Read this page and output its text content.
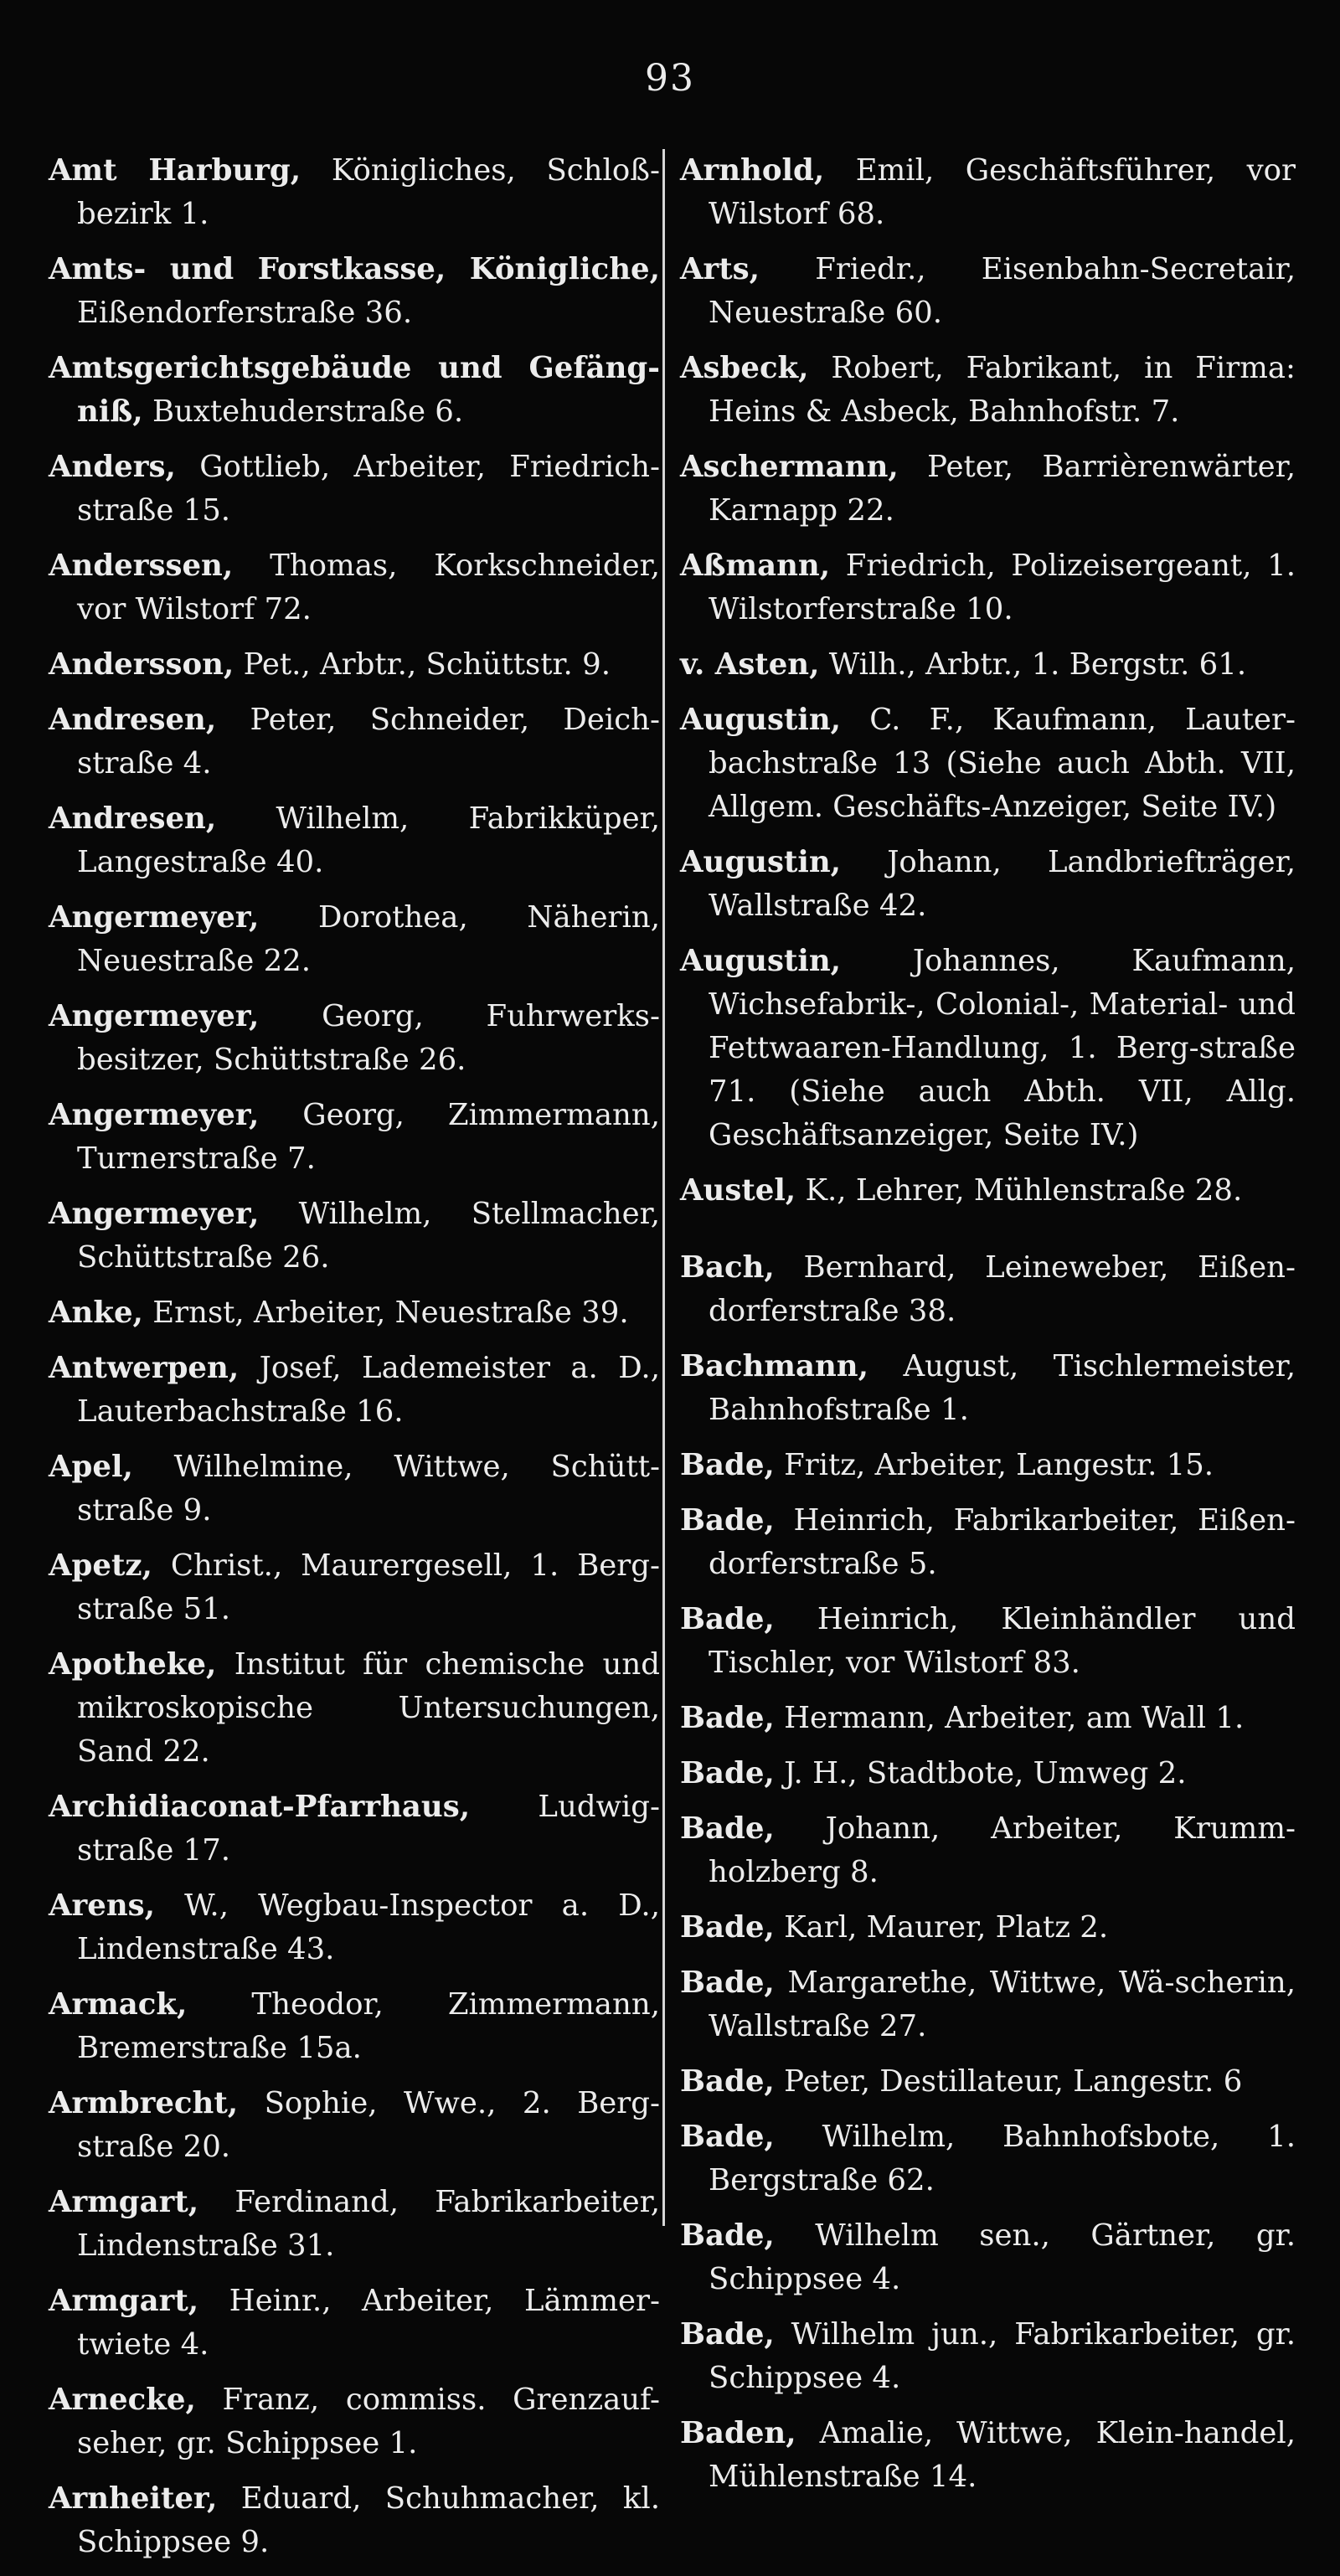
93
Amt Harburg, Königliches, Schloß-bezirk 1.
Amts- und Forstkasse, Königliche, Eißendorferstraße 36.
Amtsgerichtsgebäude und Gefäng-niß, Buxtehuderstraße 6.
Anders, Gottlieb, Arbeiter, Friedrich-straße 15.
Anderssen, Thomas, Korkschneider, vor Wilstorf 72.
Andersson, Pet., Arbtr., Schüttstr. 9.
Andresen, Peter, Schneider, Deich-straße 4.
Andresen, Wilhelm, Fabrikküper, Langestraße 40.
Angermeyer, Dorothea, Näherin, Neuestraße 22.
Angermeyer, Georg, Fuhrwerks-besitzer, Schüttstraße 26.
Angermeyer, Georg, Zimmermann, Turnerstraße 7.
Angermeyer, Wilhelm, Stellmacher, Schüttstraße 26.
Anke, Ernst, Arbeiter, Neuestraße 39.
Antwerpen, Josef, Lademeister a. D., Lauterbachstraße 16.
Apel, Wilhelmine, Wittwe, Schütt-straße 9.
Apetz, Christ., Maurergesell, 1. Berg-straße 51.
Apotheke, Institut für chemische und mikroskopische Untersuchungen, Sand 22.
Archidiaconat-Pfarrhaus, Ludwig-straße 17.
Arens, W., Wegbau-Inspector a. D., Lindenstraße 43.
Armack, Theodor, Zimmermann, Bremerstraße 15a.
Armbrecht, Sophie, Wwe., 2. Berg-straße 20.
Armgart, Ferdinand, Fabrikarbeiter, Lindenstraße 31.
Armgart, Heinr., Arbeiter, Lämmer-twiete 4.
Arnecke, Franz, commiss. Grenzauf-seher, gr. Schippsee 1.
Arnheiter, Eduard, Schuhmacher, kl. Schippsee 9.
Arnhold, Emil, Geschäftsführer, vor Wilstorf 68.
Arts, Friedr., Eisenbahn-Secretair, Neuestraße 60.
Asbeck, Robert, Fabrikant, in Firma: Heins & Asbeck, Bahnhofstr. 7.
Aschermann, Peter, Barrièrenwärter, Karnapp 22.
Aßmann, Friedrich, Polizeisergeant, 1. Wilstorferstraße 10.
v. Asten, Wilh., Arbtr., 1. Bergstr. 61.
Augustin, C. F., Kaufmann, Lauter-bachstraße 13 (Siehe auch Abth. VII, Allgem. Geschäfts-Anzeiger, Seite IV.)
Augustin, Johann, Landbriefträger, Wallstraße 42.
Augustin, Johannes, Kaufmann, Wichsefabrik-, Colonial-, Material- und Fettwaaren-Handlung, 1. Berg-straße 71. (Siehe auch Abth. VII, Allg. Geschäftsanzeiger, Seite IV.)
Austel, K., Lehrer, Mühlenstraße 28.
Bach, Bernhard, Leineweber, Eißen-dorferstraße 38.
Bachmann, August, Tischlermeister, Bahnhofstraße 1.
Bade, Fritz, Arbeiter, Langestr. 15.
Bade, Heinrich, Fabrikarbeiter, Eißen-dorferstraße 5.
Bade, Heinrich, Kleinhändler und Tischler, vor Wilstorf 83.
Bade, Hermann, Arbeiter, am Wall 1.
Bade, J. H., Stadtbote, Umweg 2.
Bade, Johann, Arbeiter, Krumm-holzberg 8.
Bade, Karl, Maurer, Platz 2.
Bade, Margarethe, Wittwe, Wä-scherin, Wallstraße 27.
Bade, Peter, Destillateur, Langestr. 6
Bade, Wilhelm, Bahnhofsbote, 1. Bergstraße 62.
Bade, Wilhelm sen., Gärtner, gr. Schippsee 4.
Bade, Wilhelm jun., Fabrikarbeiter, gr. Schippsee 4.
Baden, Amalie, Wittwe, Klein-handel, Mühlenstraße 14.
